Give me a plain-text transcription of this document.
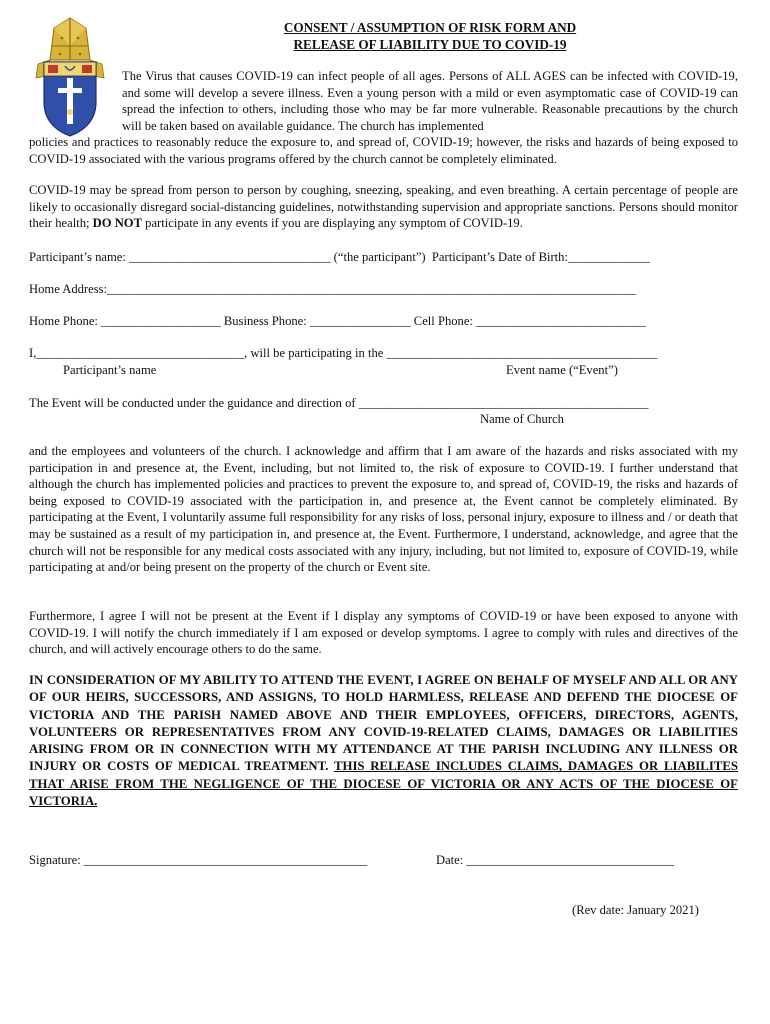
CONSENT / ASSUMPTION OF RISK FORM AND
RELEASE OF LIABILITY DUE TO COVID-19
The Virus that causes COVID-19 can infect people of all ages. Persons of ALL AGES can be infected with COVID-19, and some will develop a severe illness. Even a young person with a mild or even asymptomatic case of COVID-19 can spread the infection to others, including those who may be far more vulnerable. Reasonable precautions by the church will be taken based on available guidance. The church has implemented
policies and practices to reasonably reduce the exposure to, and spread of, COVID-19; however, the risks and hazards of being exposed to COVID-19 associated with the various programs offered by the church cannot be completely eliminated.
COVID-19 may be spread from person to person by coughing, sneezing, speaking, and even breathing. A certain percentage of people are likely to occasionally disregard social-distancing guidelines, notwithstanding supervision and appropriate sanctions. Persons should monitor their health; DO NOT participate in any events if you are displaying any symptom of COVID-19.
Participant’s name: ________________________________ (“the participant”)  Participant’s Date of Birth:_____________
Home Address:____________________________________________________________________________________
Home Phone: ___________________ Business Phone: ________________ Cell Phone: ___________________________
I,_________________________________, will be participating in the ___________________________________________
Participant’s name	Event name (“Event”)
The Event will be conducted under the guidance and direction of ______________________________________________
Name of Church
and the employees and volunteers of the church. I acknowledge and affirm that I am aware of the hazards and risks associated with my participation in and presence at, the Event, including, but not limited to, the risk of exposure to COVID-19. I further understand that although the church has implemented policies and practices to prevent the exposure to, and spread of, COVID-19, the risks and hazards of being exposed to COVID-19 associated with the participation in, and presence at, the Event cannot be completely eliminated. By participating at the Event, I voluntarily assume full responsibility for any risks of loss, personal injury, exposure to illness and / or death that may be sustained as a result of my participation in, and presence at, the Event. Furthermore, I understand, acknowledge, and agree that the church will not be responsible for any medical costs associated with any injury, including, but not limited to, exposure of COVID-19, while participating at and/or being present on the property of the church or Event site.
Furthermore, I agree I will not be present at the Event if I display any symptoms of COVID-19 or have been exposed to anyone with COVID-19. I will notify the church immediately if I am exposed or develop symptoms. I agree to comply with rules and directives of the church, and will actively encourage others to do the same.
IN CONSIDERATION OF MY ABILITY TO ATTEND THE EVENT, I AGREE ON BEHALF OF MYSELF AND ALL OR ANY OF OUR HEIRS, SUCCESSORS, AND ASSIGNS, TO HOLD HARMLESS, RELEASE AND DEFEND THE DIOCESE OF VICTORIA AND THE PARISH NAMED ABOVE AND THEIR EMPLOYEES, OFFICERS, DIRECTORS, AGENTS, VOLUNTEERS OR REPRESENTATIVES FROM ANY COVID-19-RELATED CLAIMS, DAMAGES OR LIABILITIES ARISING FROM OR IN CONNECTION WITH MY ATTENDANCE AT THE PARISH INCLUDING ANY ILLNESS OR INJURY OR COSTS OF MEDICAL TREATMENT. THIS RELEASE INCLUDES CLAIMS, DAMAGES OR LIABILITES THAT ARISE FROM THE NEGLIGENCE OF THE DIOCESE OF VICTORIA OR ANY ACTS OF THE DIOCESE OF VICTORIA.
Signature: _____________________________________________	Date: _________________________________
(Rev date: January 2021)
